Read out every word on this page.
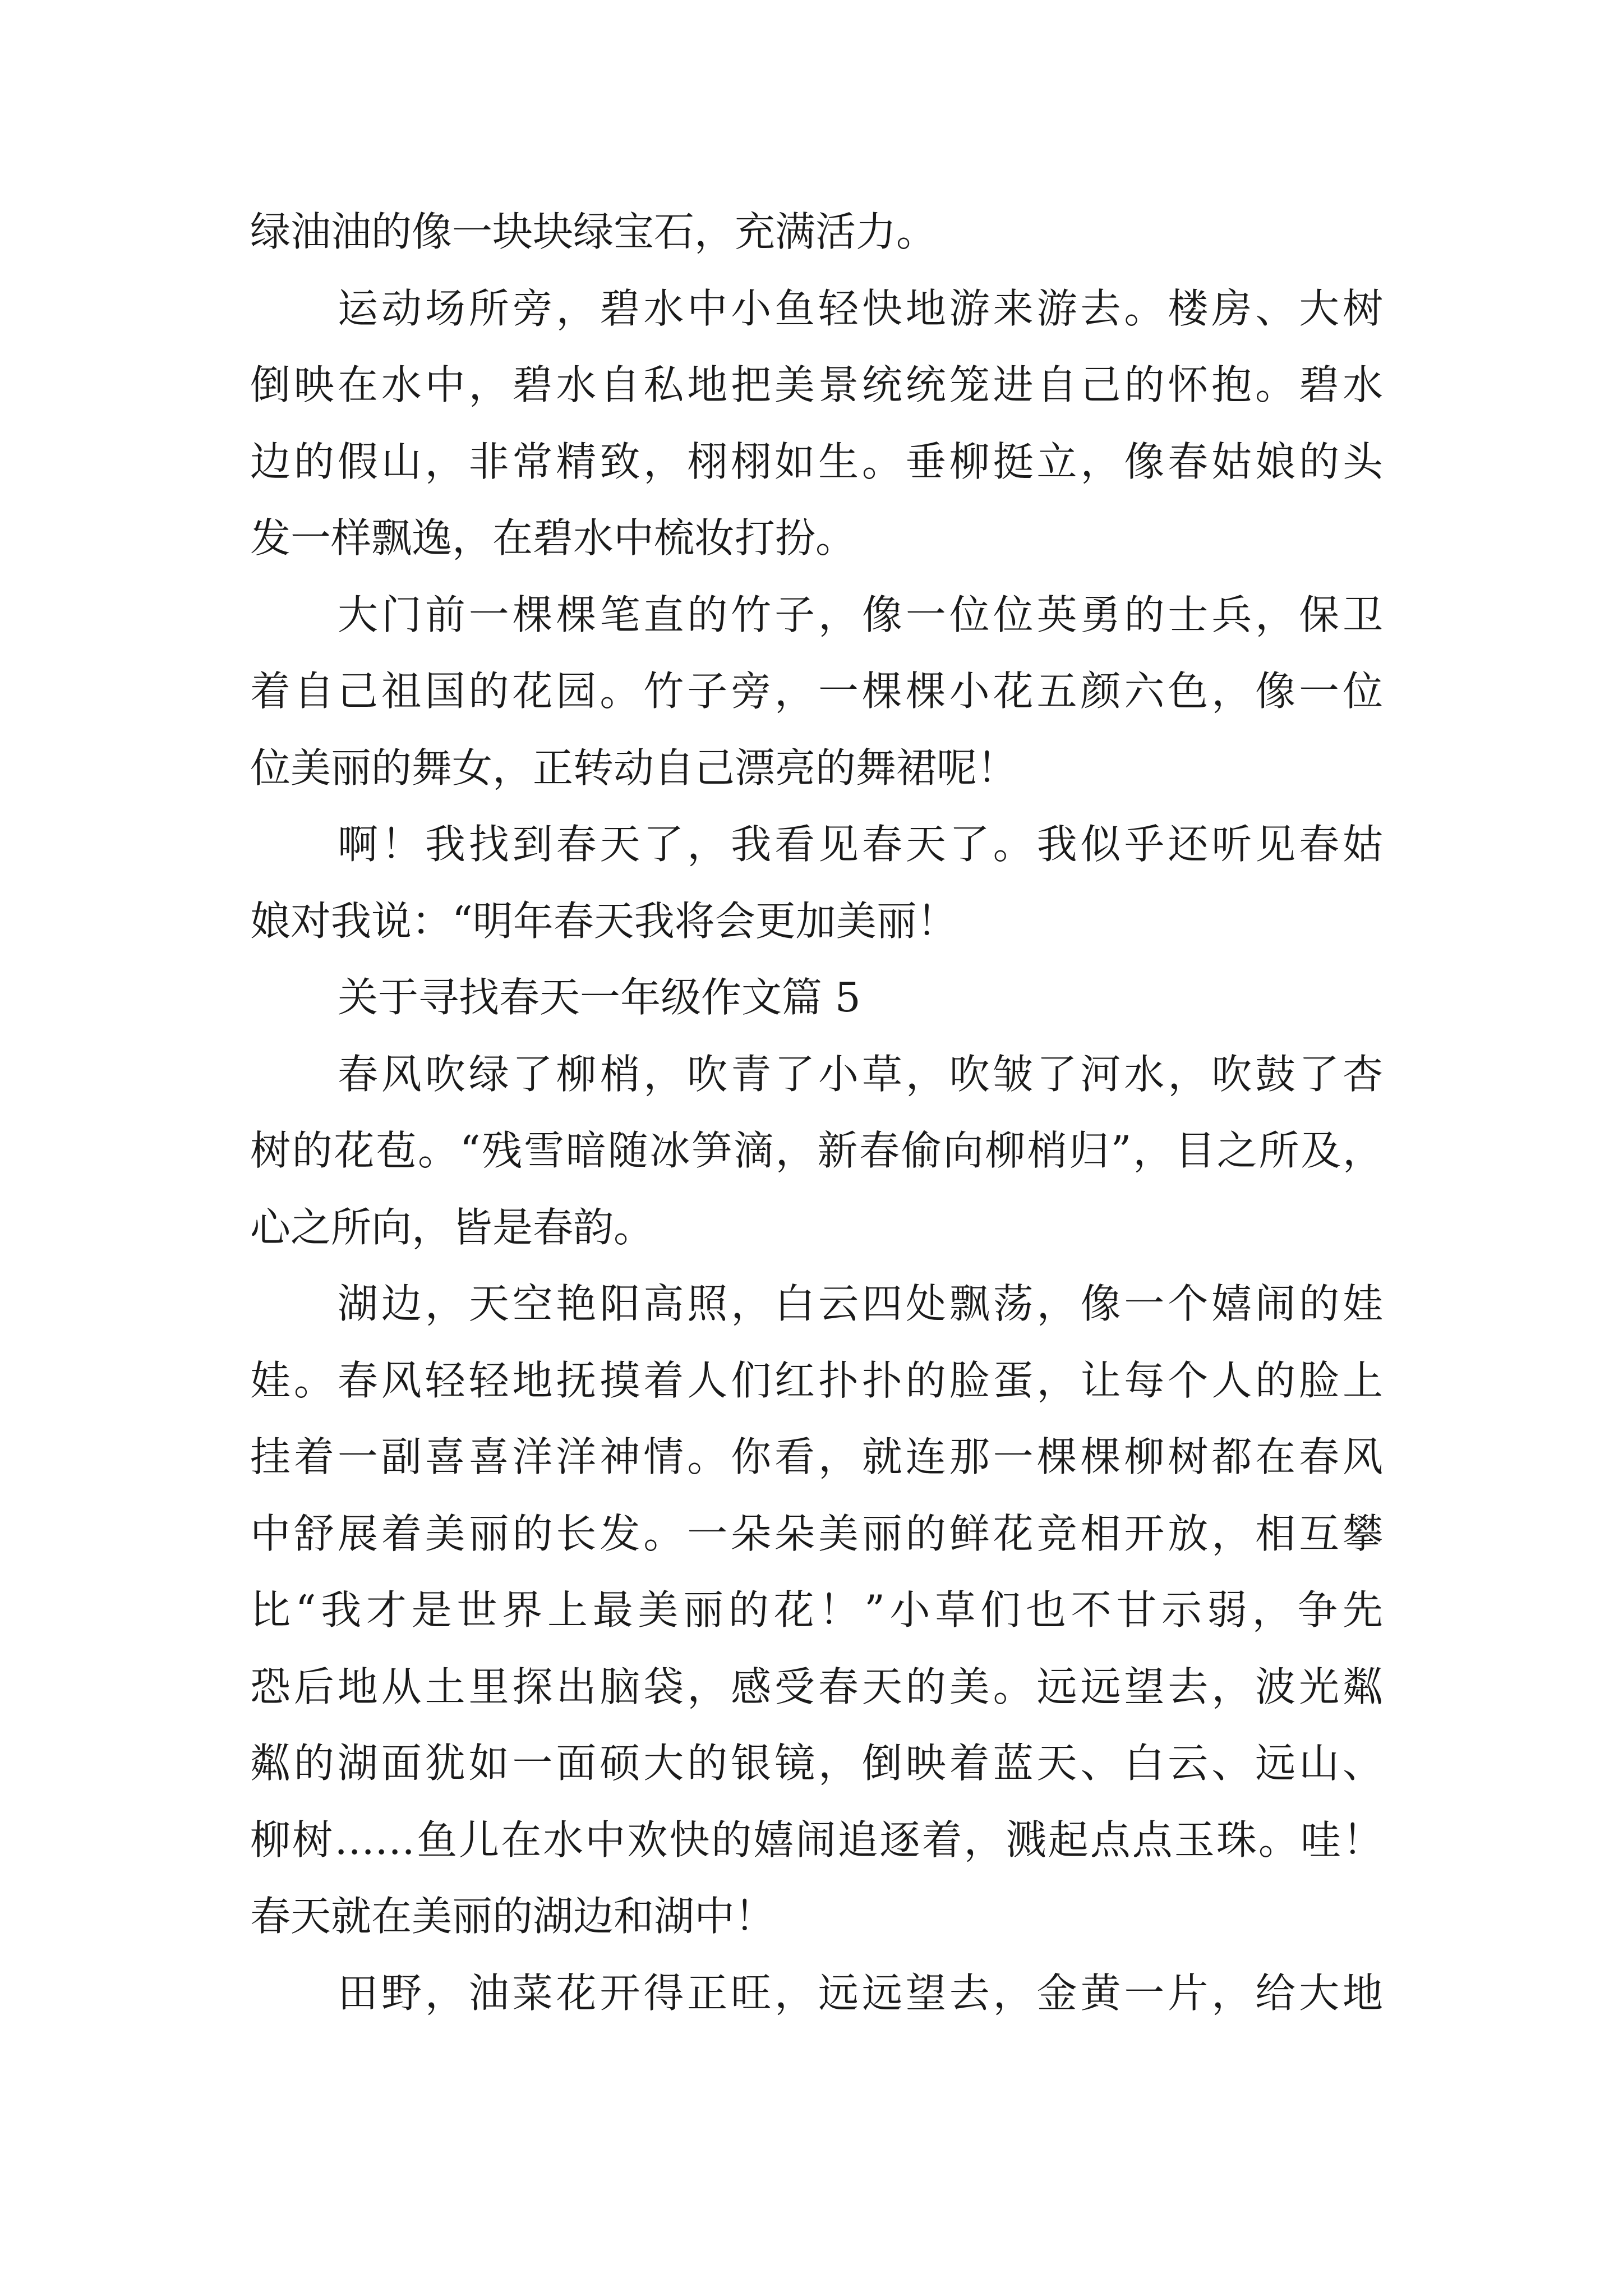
绿油油的像一块块绿宝石，充满活力。
运动场所旁，碧水中小鱼轻快地游来游去。楼房、大树
倒映在水中，碧水自私地把美景统统笼进自己的怀抱。碧水
边的假山，非常精致，栩栩如生。垂柳挺立，像春姑娘的头
发一样飘逸，在碧水中梳妆打扮。
大门前一棵棵笔直的竹子，像一位位英勇的士兵，保卫
着自己祖国的花园。竹子旁，一棵棵小花五颜六色，像一位
位美丽的舞女，正转动自己漂亮的舞裙呢！
啊！我找到春天了，我看见春天了。我似乎还听见春姑
娘对我说：“明年春天我将会更加美丽！
关于寻找春天一年级作文篇 5
春风吹绿了柳梢，吹青了小草，吹皱了河水，吹鼓了杏
树的花苞。“残雪暗随冰笋滴，新春偷向柳梢归”，目之所及，
心之所向，皆是春韵。
湖边，天空艳阳高照，白云四处飘荡，像一个嬉闹的娃
娃。春风轻轻地抚摸着人们红扑扑的脸蛋，让每个人的脸上
挂着一副喜喜洋洋神情。你看，就连那一棵棵柳树都在春风
中舒展着美丽的长发。一朵朵美丽的鲜花竞相开放，相互攀
比“我才是世界上最美丽的花！”小草们也不甘示弱，争先
恐后地从土里探出脑袋，感受春天的美。远远望去，波光粼
粼的湖面犹如一面硕大的银镜，倒映着蓝天、白云、远山、
柳树……鱼儿在水中欢快的嬉闹追逐着，溅起点点玉珠。哇！
春天就在美丽的湖边和湖中！
田野，油菜花开得正旺，远远望去，金黄一片，给大地
